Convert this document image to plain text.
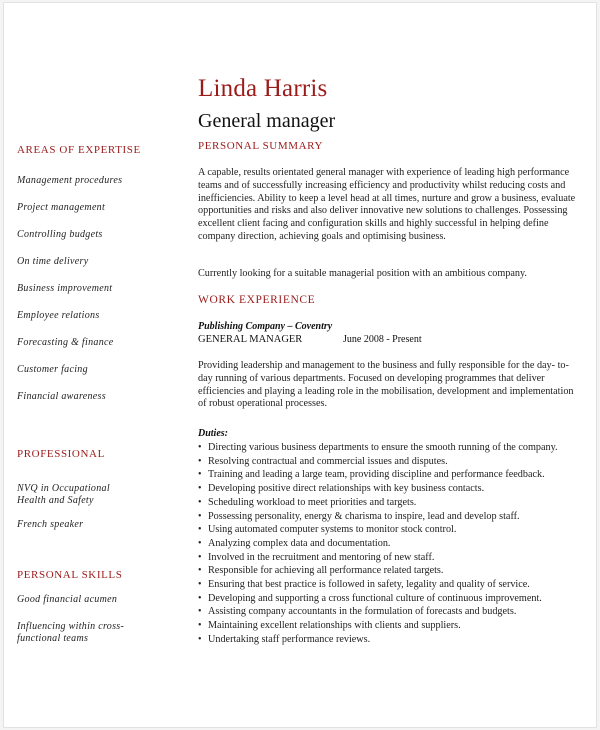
Linda Harris
General manager
AREAS OF EXPERTISE
Management procedures
Project management
Controlling budgets
On time delivery
Business improvement
Employee relations
Forecasting & finance
Customer facing
Financial awareness
PROFESSIONAL
NVQ in Occupational Health and Safety
French speaker
PERSONAL SKILLS
Good financial acumen
Influencing within cross-functional teams
PERSONAL SUMMARY

A capable, results orientated general manager with experience of leading high performance teams and of successfully increasing efficiency and productivity whilst reducing costs and inefficiencies. Ability to keep a level head at all times, nurture and grow a business, evaluate opportunities and risks and also deliver innovative new solutions to challenges. Possessing excellent client facing and configuration skills and highly successful in helping define company direction, achieving goals and optimising business.

Currently looking for a suitable managerial position with an ambitious company.

WORK EXPERIENCE
Publishing Company – Coventry
GENERAL MANAGER	June 2008 - Present

Providing leadership and management to the business and fully responsible for the day- to-day running of various departments. Focused on developing programmes that deliver efficiencies and playing a leading role in the mobilisation, development and implementation of robust operational processes.

Duties:
• Directing various business departments to ensure the smooth running of the company.
• Resolving contractual and commercial issues and disputes.
• Training and leading a large team, providing discipline and performance feedback.
• Developing positive direct relationships with key business contacts.
• Scheduling workload to meet priorities and targets.
• Possessing personality, energy & charisma to inspire, lead and develop staff.
• Using automated computer systems to monitor stock control.
• Analyzing complex data and documentation.
• Involved in the recruitment and mentoring of new staff.
• Responsible for achieving all performance related targets.
• Ensuring that best practice is followed in safety, legality and quality of service.
• Developing and supporting a cross functional culture of continuous improvement.
• Assisting company accountants in the formulation of forecasts and budgets.
• Maintaining excellent relationships with clients and suppliers.
• Undertaking staff performance reviews.
